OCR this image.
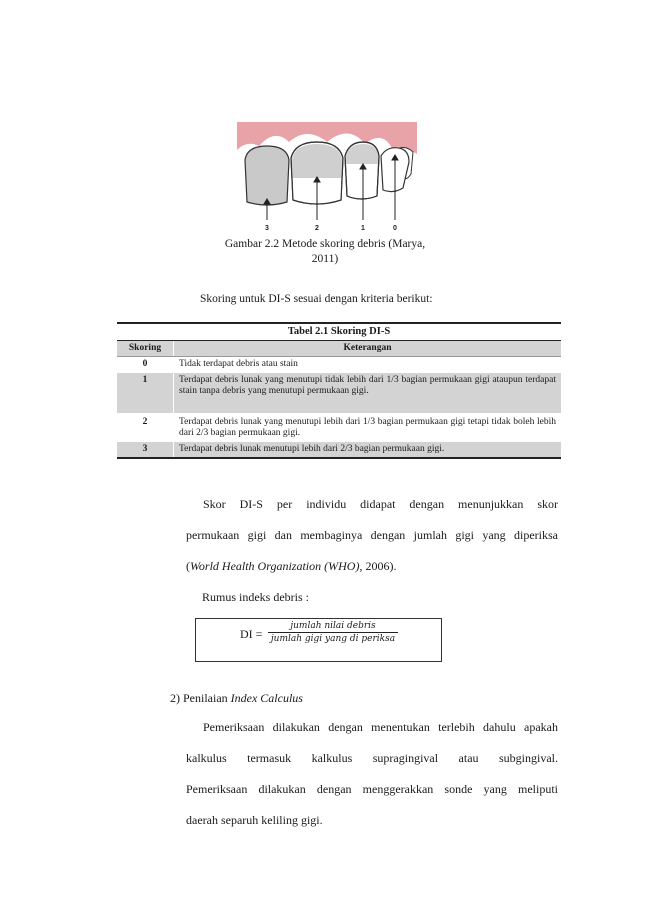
3	2	1	0
Gambar 2.2 Metode skoring debris (Marya,
2011)
Skoring untuk DI-S sesuai dengan kriteria berikut:
Tabel 2.1 Skoring DI-S	
Skoring	Keterangan
0	Tidak terdapat debris atau stain
1	Terdapat debris lunak yang menutupi tidak lebih dari 1/3 bagian permukaan gigi ataupun terdapat stain tanpa debris yang menutupi permukaan gigi.
2	Terdapat debris lunak yang menutupi lebih dari 1/3 bagian permukaan gigi tetapi tidak boleh lebih dari 2/3 bagian permukaan gigi.
3	Terdapat debris lunak menutupi lebih dari 2/3 bagian permukaan gigi.
Skor DI-S per individu didapat dengan menunjukkan skor
permukaan gigi dan membaginya dengan jumlah gigi yang diperiksa
(World Health Organization (WHO), 2006).
Rumus indeks debris :
DI =
jumlah nilai debris
jumlah gigi yang di periksa
2) Penilaian Index Calculus
Pemeriksaan dilakukan dengan menentukan terlebih dahulu apakah
kalkulus termasuk kalkulus supragingival atau subgingival.
Pemeriksaan dilakukan dengan menggerakkan sonde yang meliputi
daerah separuh keliling gigi.
